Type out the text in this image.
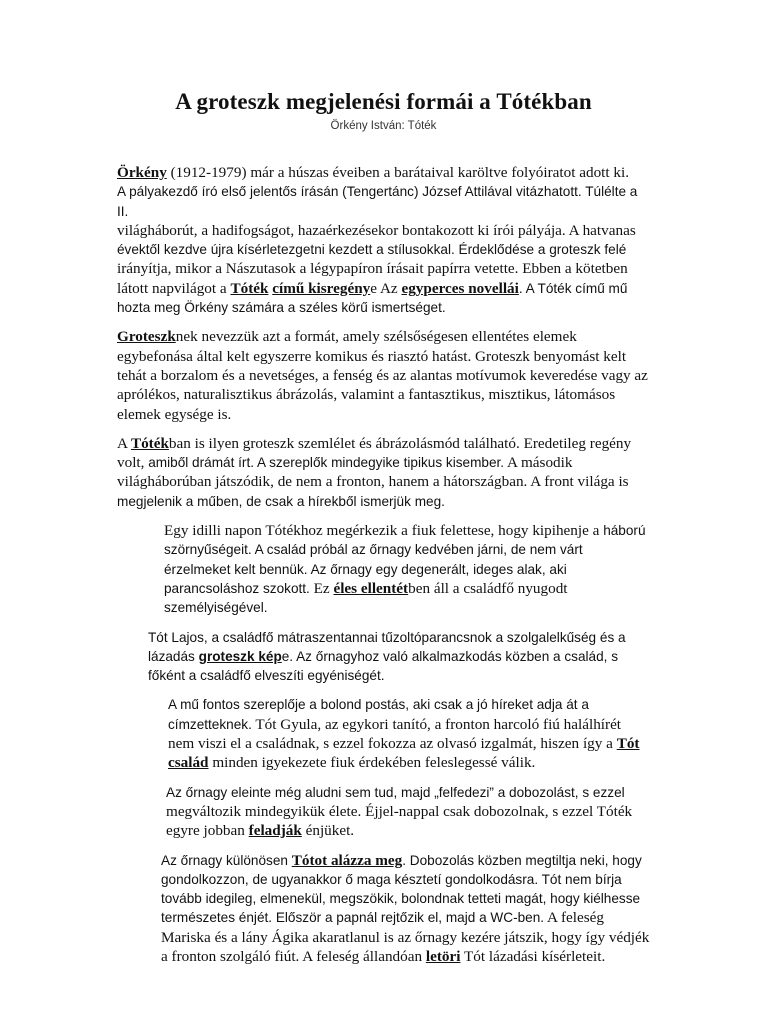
A groteszk megjelenési formái a Tótékban
Örkény István: Tóték

Örkény (1912-1979) már a húszas éveiben a barátaival karöltve folyóiratot adott ki.
A pályakezdő író első jelentős írásán (Tengertánc) József Attilával vitázhatott. Túlélte a II.
világháborút, a hadifogságot, hazaérkezésekor bontakozott ki írói pályája. A hatvanas
évektől kezdve újra kísérletezgetni kezdett a stílusokkal. Érdeklődése a groteszk felé
irányítja, mikor a Nászutasok a légypapíron írásait papírra vetette. Ebben a kötetben látott napvilágot a Tóték című kisregénye Az egyperces novellái. A Tóték című mű
hozta meg Örkény számára a széles körű ismertséget.

Groteszknek nevezzük azt a formát, amely szélsőségesen ellentétes elemek egybefonása által kelt egyszerre komikus és riasztó hatást. Groteszk benyomást kelt tehát a borzalom és a nevetséges, a fenség és az alantas motívumok keveredése vagy az aprólékos, naturalisztikus ábrázolás, valamint a fantasztikus, misztikus, látomásos elemek egysége is.

A Tótékban is ilyen groteszk szemlélet és ábrázolásmód található. Eredetileg regény volt, amiből drámát írt. A szereplők mindegyike tipikus kisember. A második világháborúban játszódik, de nem a fronton, hanem a hátországban. A front világa is megjelenik a műben, de csak a hírekből ismerjük meg.

Egy idilli napon Tótékhoz megérkezik a fiuk felettese, hogy kipihenje a háború szörnyűségeit. A család próbál az őrnagy kedvében járni, de nem várt érzelmeket kelt bennük. Az őrnagy egy degenerált, ideges alak, aki parancsoláshoz szokott. Ez éles ellentétben áll a családfő nyugodt személyiségével.

Tót Lajos, a családfő mátraszentannai tűzoltóparancsnok a szolgalelkűség és a lázadás groteszk képe. Az őrnagyhoz való alkalmazkodás közben a család, s főként a családfő elveszíti egyéniségét.

A mű fontos szereplője a bolond postás, aki csak a jó híreket adja át a címzetteknek. Tót Gyula, az egykori tanító, a fronton harcoló fiú halálhírét nem viszi el a családnak, s ezzel fokozza az olvasó izgalmát, hiszen így a Tót család minden igyekezete fiuk érdekében feleslegessé válik.

Az őrnagy eleinte még aludni sem tud, majd „felfedezi” a dobozolást, s ezzel megváltozik mindegyikük élete. Éjjel-nappal csak dobozolnak, s ezzel Tóték egyre jobban feladják énjüket.

Az őrnagy különösen Tótot alázza meg. Dobozolás közben megtiltja neki, hogy gondolkozzon, de ugyanakkor ő maga késztetí gondolkodásra. Tót nem bírja tovább idegileg, elmenekül, megszökik, bolondnak tetteti magát, hogy kiélhesse természetes énjét. Először a papnál rejtőzik el, majd a WC-ben. A feleség Mariska és a lány Ágika akaratlanul is az őrnagy kezére játszik, hogy így védjék a fronton szolgáló fiút. A feleség állandóan letöri Tót lázadási kísérleteit.
